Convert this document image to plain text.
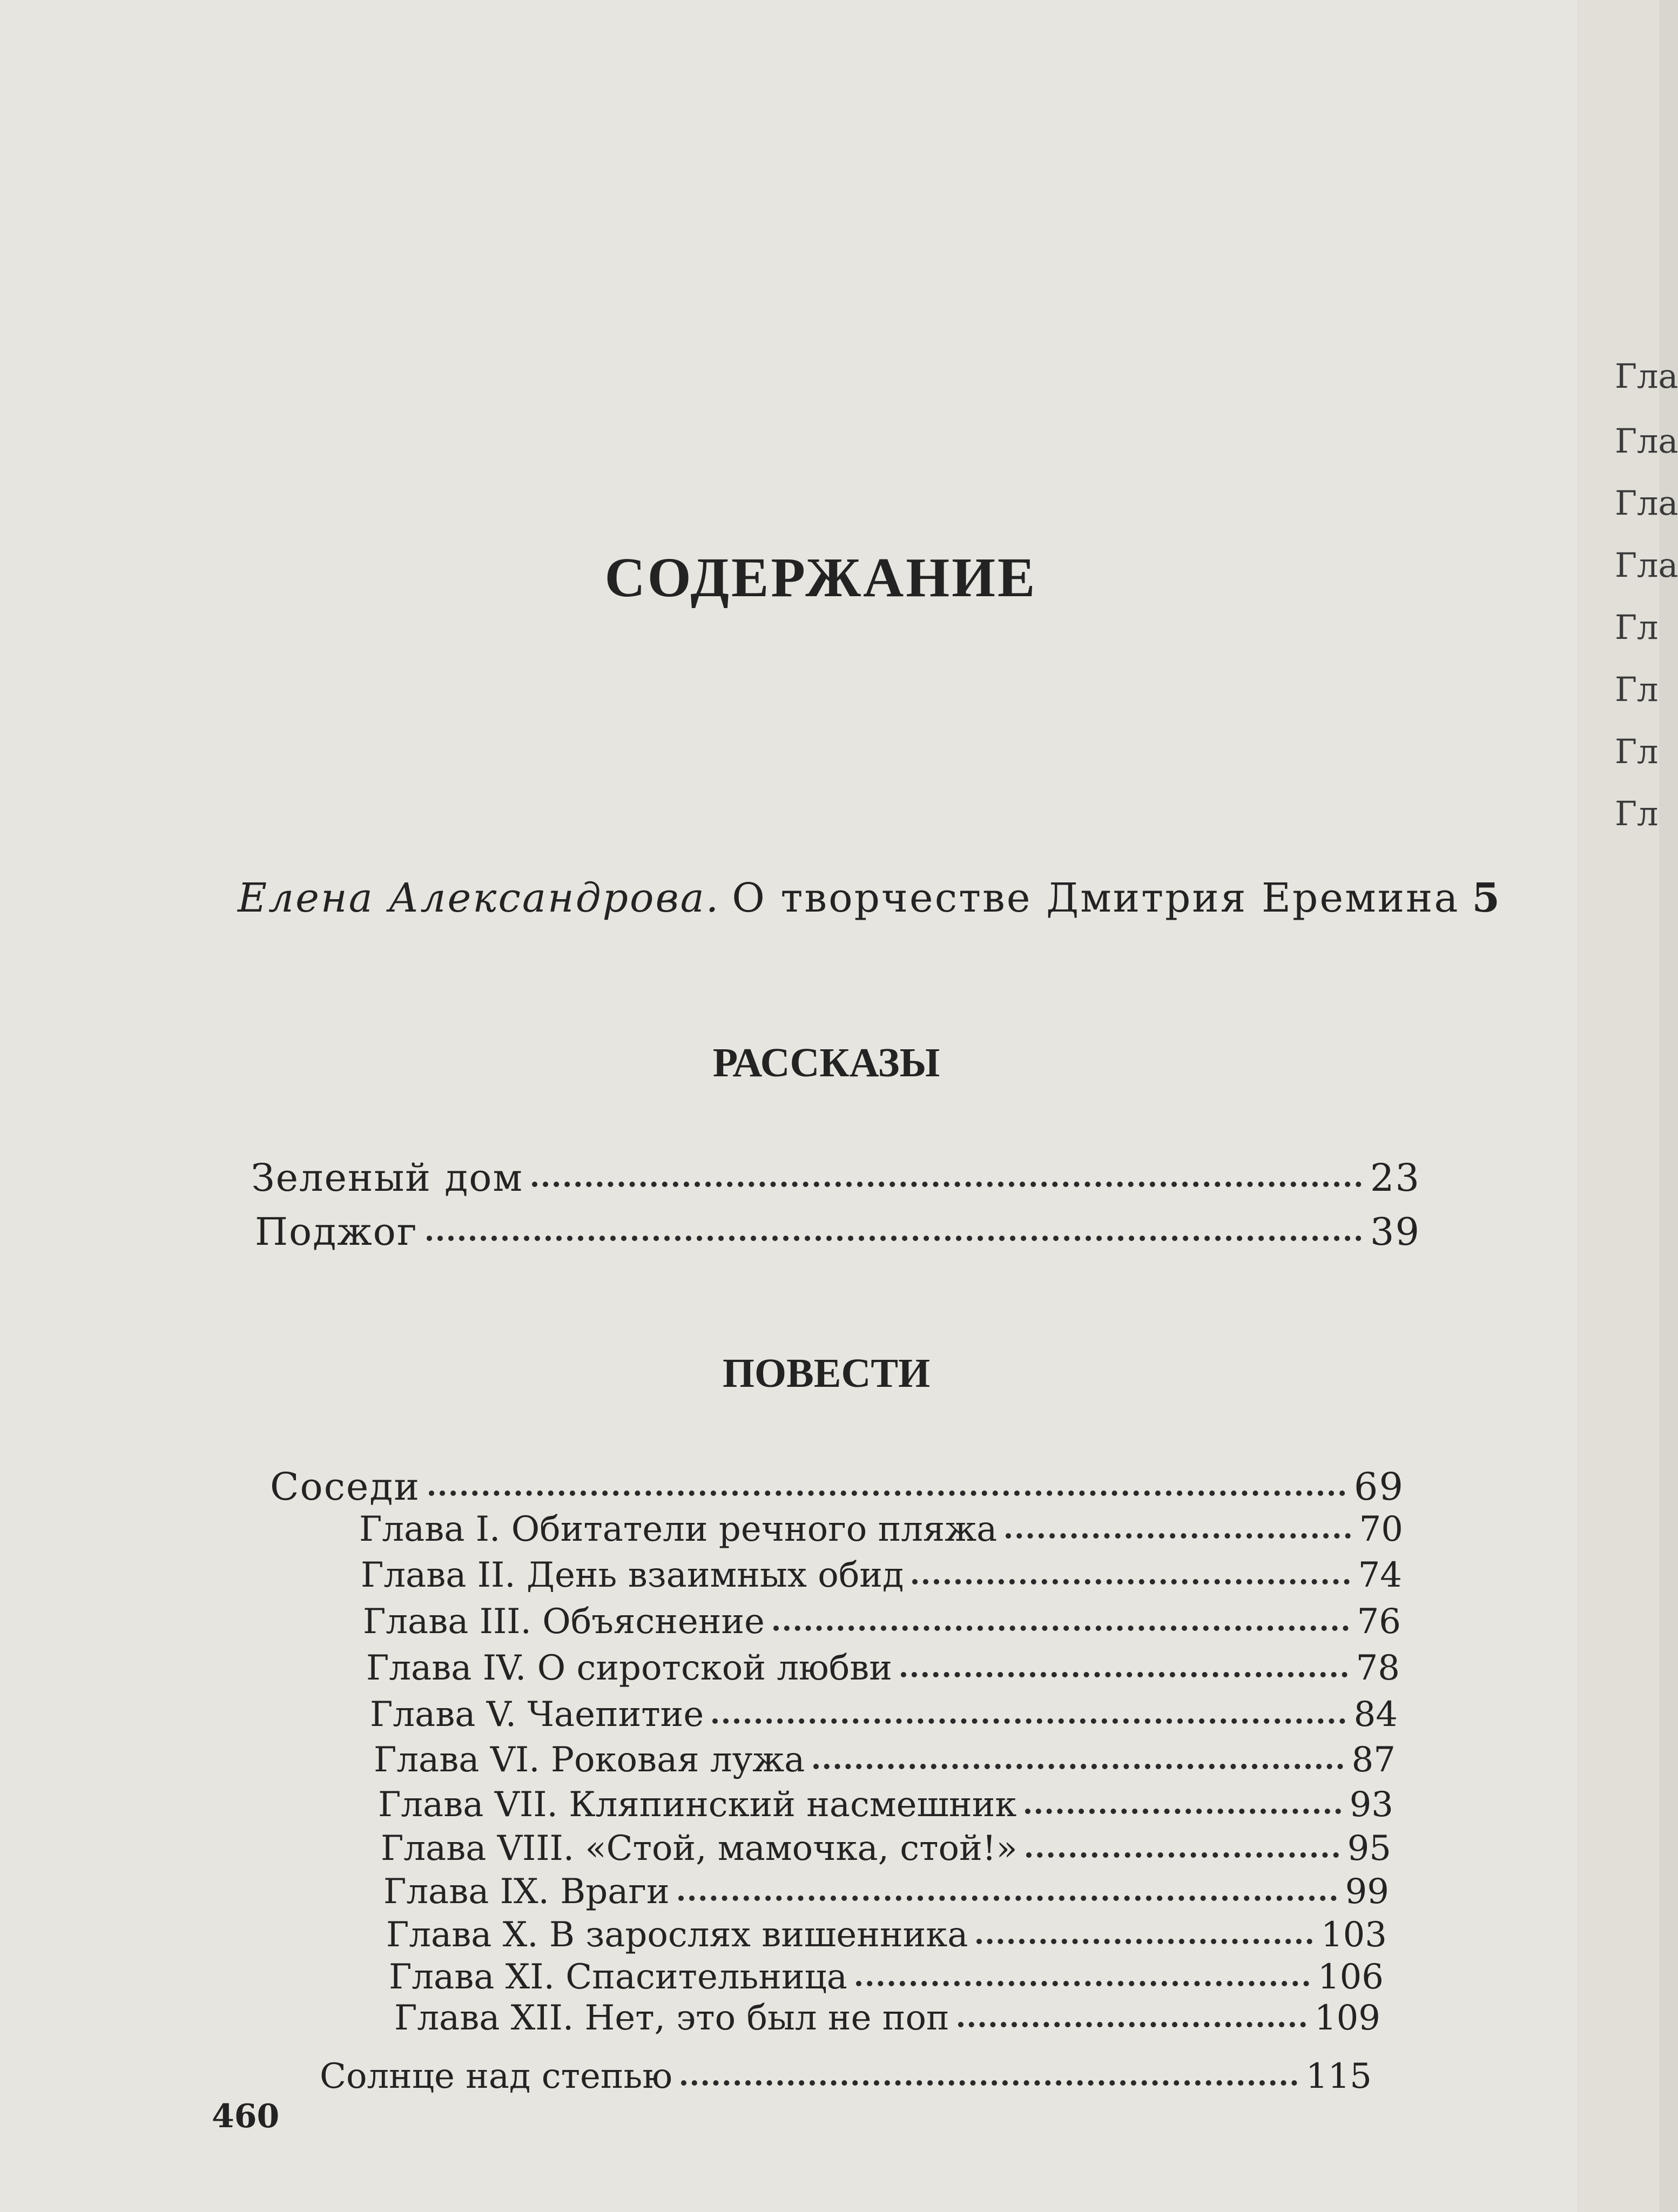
СОДЕРЖАНИЕ
Елена Александрова. О творчестве Дмитрия Еремина 5
РАССКАЗЫ
Зеленый дом	23
Поджог	39
ПОВЕСТИ
Соседи	69
Глава I. Обитатели речного пляжа	70
Глава II. День взаимных обид	74
Глава III. Объяснение	76
Глава IV. О сиротской любви	78
Глава V. Чаепитие	84
Глава VI. Роковая лужа	87
Глава VII. Кляпинский насмешник	93
Глава VIII. «Стой, мамочка, стой!»	95
Глава IX. Враги	99
Глава X. В зарослях вишенника	103
Глава XI. Спасительница	106
Глава XII. Нет, это был не поп	109
Солнце над степью	115
460
Гла
Гла
Гла
Гла
Гл
Гл
Гл
Гл
